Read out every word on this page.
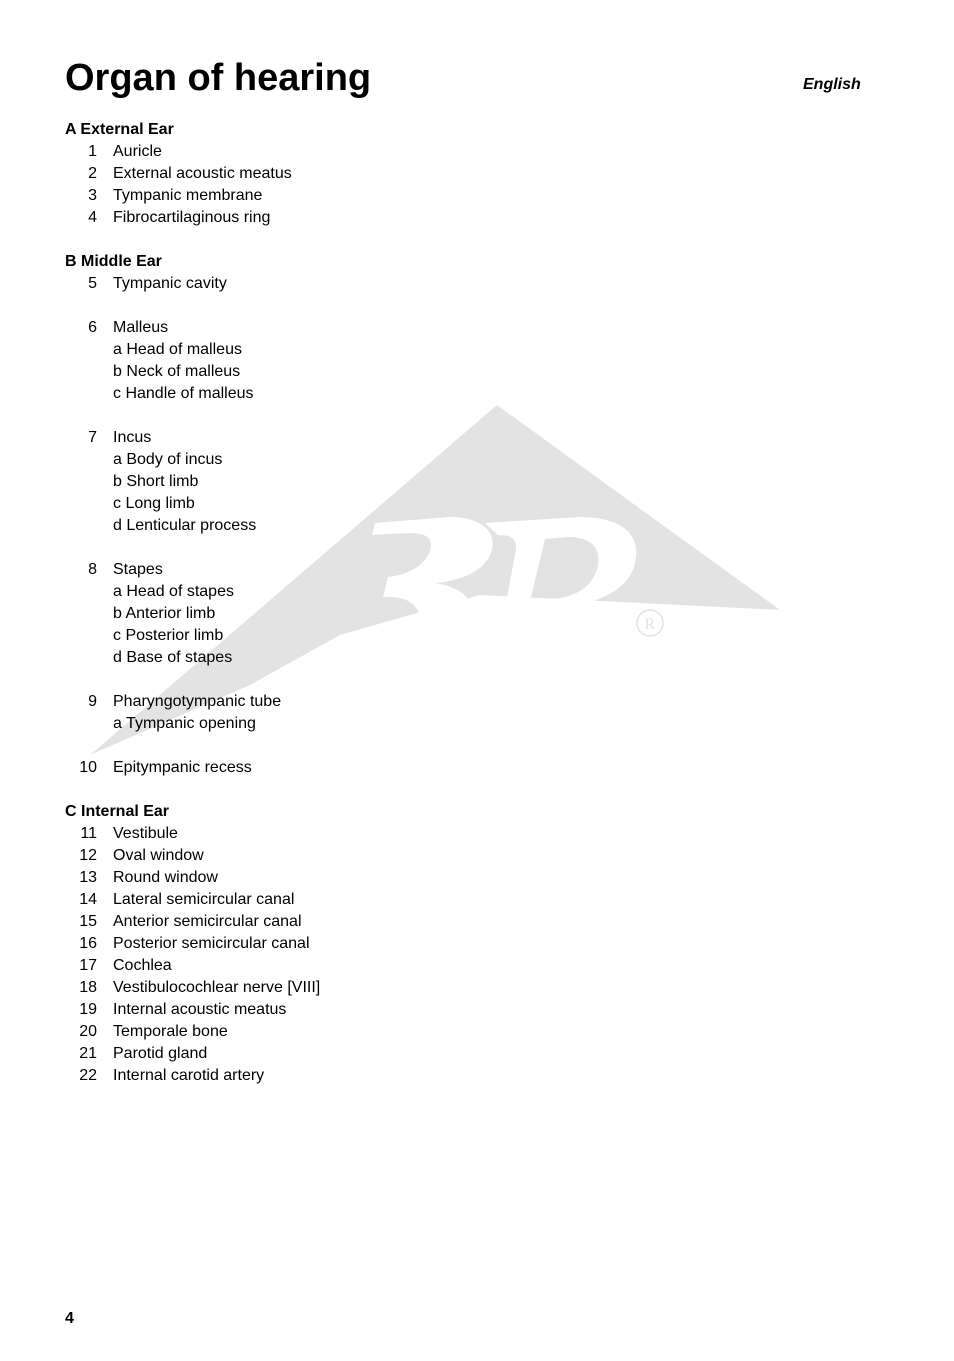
R
Organ of hearing	English
A External Ear
1 Auricle
2 External acoustic meatus
3 Tympanic membrane
4 Fibrocartilaginous ring
B Middle Ear
5 Tympanic cavity
6 Malleus
a Head of malleus
b Neck of malleus
c Handle of malleus
7 Incus
a Body of incus
b Short limb
c Long limb
d Lenticular process
8 Stapes
a Head of stapes
b Anterior limb
c Posterior limb
d Base of stapes
9 Pharyngotympanic tube
a Tympanic opening
10 Epitympanic recess
C Internal Ear
11 Vestibule
12 Oval window
13 Round window
14 Lateral semicircular canal
15 Anterior semicircular canal
16 Posterior semicircular canal
17 Cochlea
18 Vestibulocochlear nerve [VIII]
19 Internal acoustic meatus
20 Temporale bone
21 Parotid gland
22 Internal carotid artery
4
